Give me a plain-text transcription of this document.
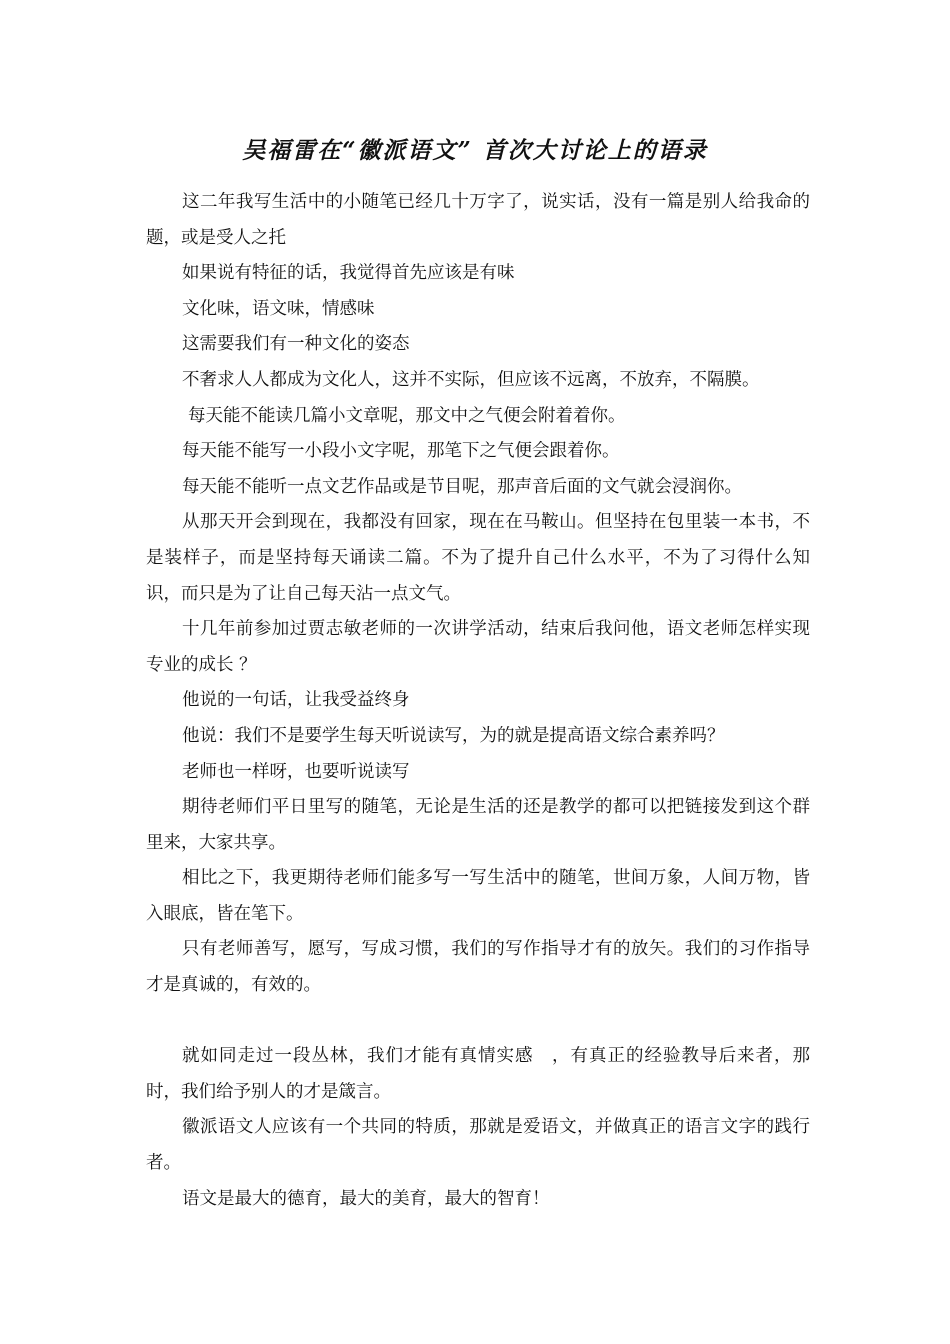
吴福雷在“徽派语文” 首次大讨论上的语录

这二年我写生活中的小随笔已经几十万字了，说实话，没有一篇是别人给我命的题，或是受人之托

如果说有特征的话，我觉得首先应该是有味

文化味，语文味，情感味

这需要我们有一种文化的姿态

不奢求人人都成为文化人，这并不实际，但应该不远离，不放弃，不隔膜。

每天能不能读几篇小文章呢，那文中之气便会附着着你。

每天能不能写一小段小文字呢，那笔下之气便会跟着你。

每天能不能听一点文艺作品或是节目呢，那声音后面的文气就会浸润你。

从那天开会到现在，我都没有回家，现在在马鞍山。但坚持在包里装一本书，不是装样子，而是坚持每天诵读二篇。不为了提升自己什么水平，不为了习得什么知识，而只是为了让自己每天沾一点文气。

十几年前参加过贾志敏老师的一次讲学活动，结束后我问他，语文老师怎样实现专业的成长 ？

他说的一句话，让我受益终身

他说：我们不是要学生每天听说读写，为的就是提高语文综合素养吗？

老师也一样呀，也要听说读写

期待老师们平日里写的随笔，无论是生活的还是教学的都可以把链接发到这个群里来，大家共享。

相比之下，我更期待老师们能多写一写生活中的随笔，世间万象，人间万物，皆入眼底，皆在笔下。

只有老师善写，愿写，写成习惯，我们的写作指导才有的放矢。我们的习作指导才是真诚的，有效的。

就如同走过一段丛林，我们才能有真情实感　，有真正的经验教导后来者，那时，我们给予别人的才是箴言。

徽派语文人应该有一个共同的特质，那就是爱语文，并做真正的语言文字的践行者。

语文是最大的德育，最大的美育，最大的智育！
